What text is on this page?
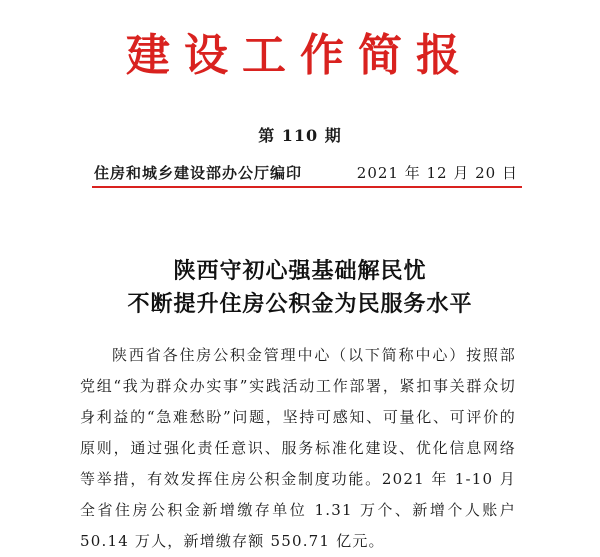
建设工作简报
第 110 期
住房和城乡建设部办公厅编印	2021 年 12 月 20 日
陕西守初心强基础解民忧
不断提升住房公积金为民服务水平
陕西省各住房公积金管理中心（以下简称中心）按照部党组“我为群众办实事”实践活动工作部署，紧扣事关群众切身利益的“急难愁盼”问题，坚持可感知、可量化、可评价的原则，通过强化责任意识、服务标准化建设、优化信息网络等举措，有效发挥住房公积金制度功能。2021 年 1-10 月全省住房公积金新增缴存单位 1.31 万个、新增个人账户 50.14 万人，新增缴存额 550.71 亿元。
